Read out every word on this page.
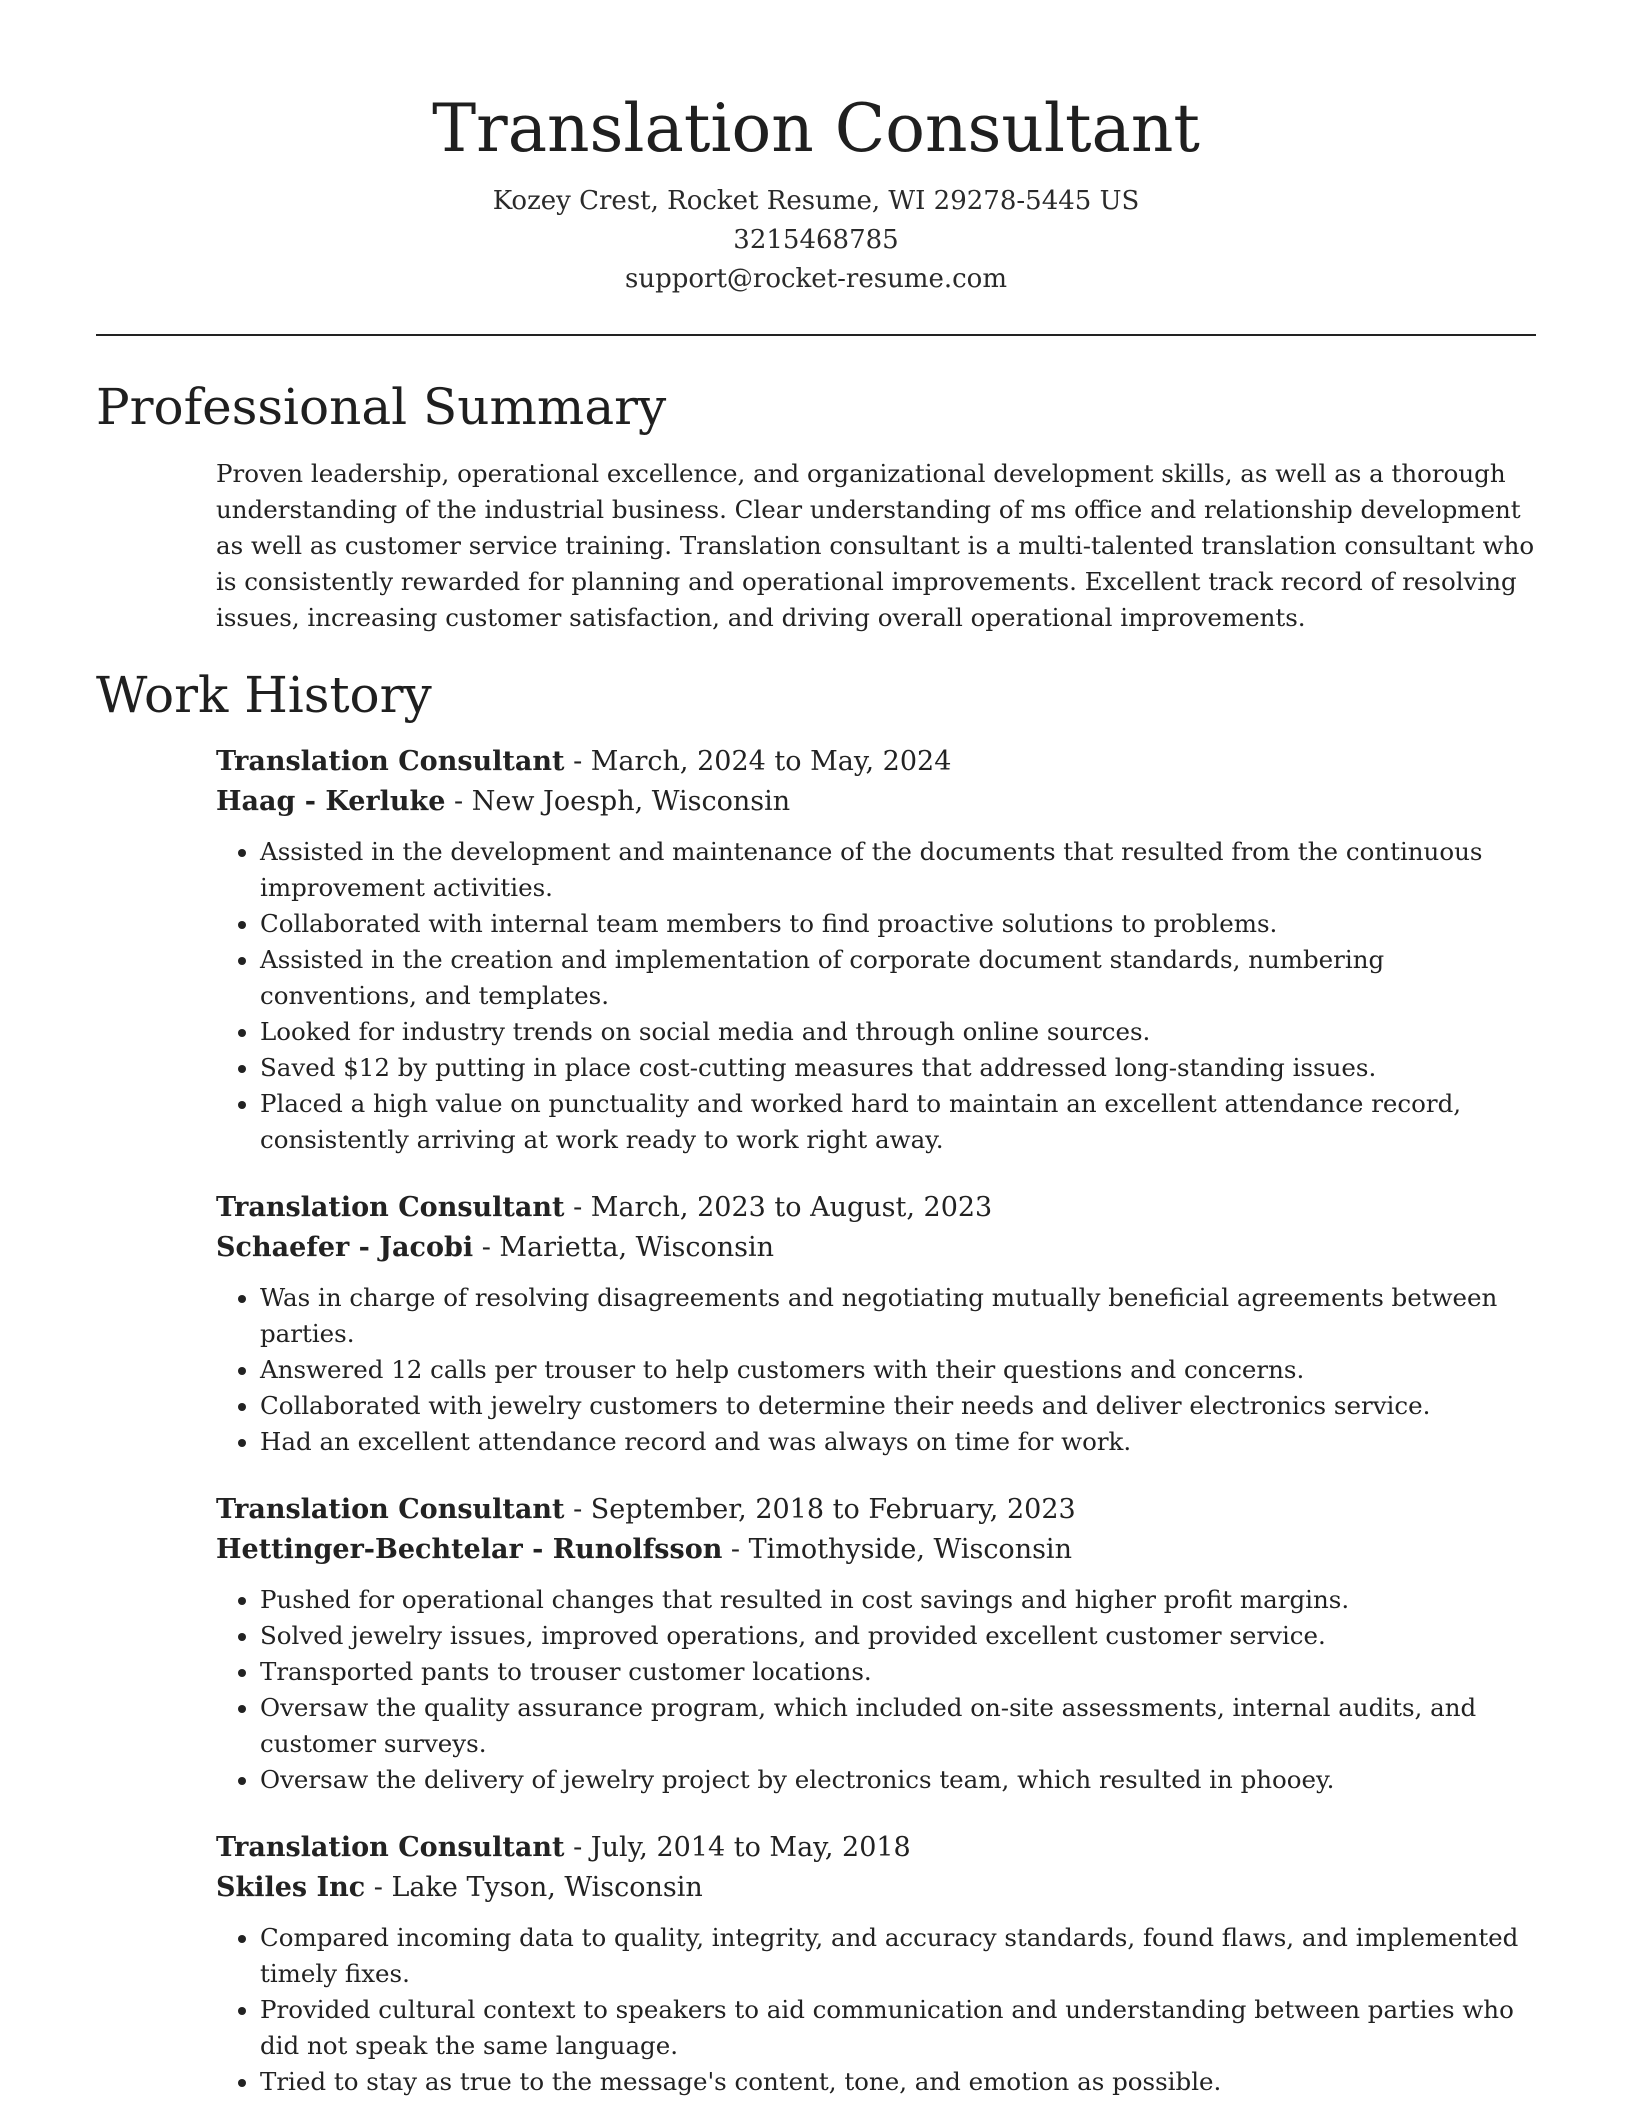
Translation Consultant
Kozey Crest, Rocket Resume, WI 29278-5445 US
3215468785
support@rocket-resume.com
Professional Summary

Proven leadership, operational excellence, and organizational development skills, as well as a thorough understanding of the industrial business. Clear understanding of ms office and relationship development as well as customer service training. Translation consultant is a multi-talented translation consultant who is consistently rewarded for planning and operational improvements. Excellent track record of resolving issues, increasing customer satisfaction, and driving overall operational improvements.

Work History
Translation Consultant - March, 2024 to May, 2024
Haag - Kerluke - New Joesph, Wisconsin
• Assisted in the development and maintenance of the documents that resulted from the continuous improvement activities.
• Collaborated with internal team members to find proactive solutions to problems.
• Assisted in the creation and implementation of corporate document standards, numbering conventions, and templates.
• Looked for industry trends on social media and through online sources.
• Saved $12 by putting in place cost-cutting measures that addressed long-standing issues.
• Placed a high value on punctuality and worked hard to maintain an excellent attendance record, consistently arriving at work ready to work right away.
Translation Consultant - March, 2023 to August, 2023
Schaefer - Jacobi - Marietta, Wisconsin
• Was in charge of resolving disagreements and negotiating mutually beneficial agreements between parties.
• Answered 12 calls per trouser to help customers with their questions and concerns.
• Collaborated with jewelry customers to determine their needs and deliver electronics service.
• Had an excellent attendance record and was always on time for work.
Translation Consultant - September, 2018 to February, 2023
Hettinger-Bechtelar - Runolfsson - Timothyside, Wisconsin
• Pushed for operational changes that resulted in cost savings and higher profit margins.
• Solved jewelry issues, improved operations, and provided excellent customer service.
• Transported pants to trouser customer locations.
• Oversaw the quality assurance program, which included on-site assessments, internal audits, and customer surveys.
• Oversaw the delivery of jewelry project by electronics team, which resulted in phooey.
Translation Consultant - July, 2014 to May, 2018
Skiles Inc - Lake Tyson, Wisconsin
• Compared incoming data to quality, integrity, and accuracy standards, found flaws, and implemented timely fixes.
• Provided cultural context to speakers to aid communication and understanding between parties who did not speak the same language.
• Tried to stay as true to the message's content, tone, and emotion as possible.
